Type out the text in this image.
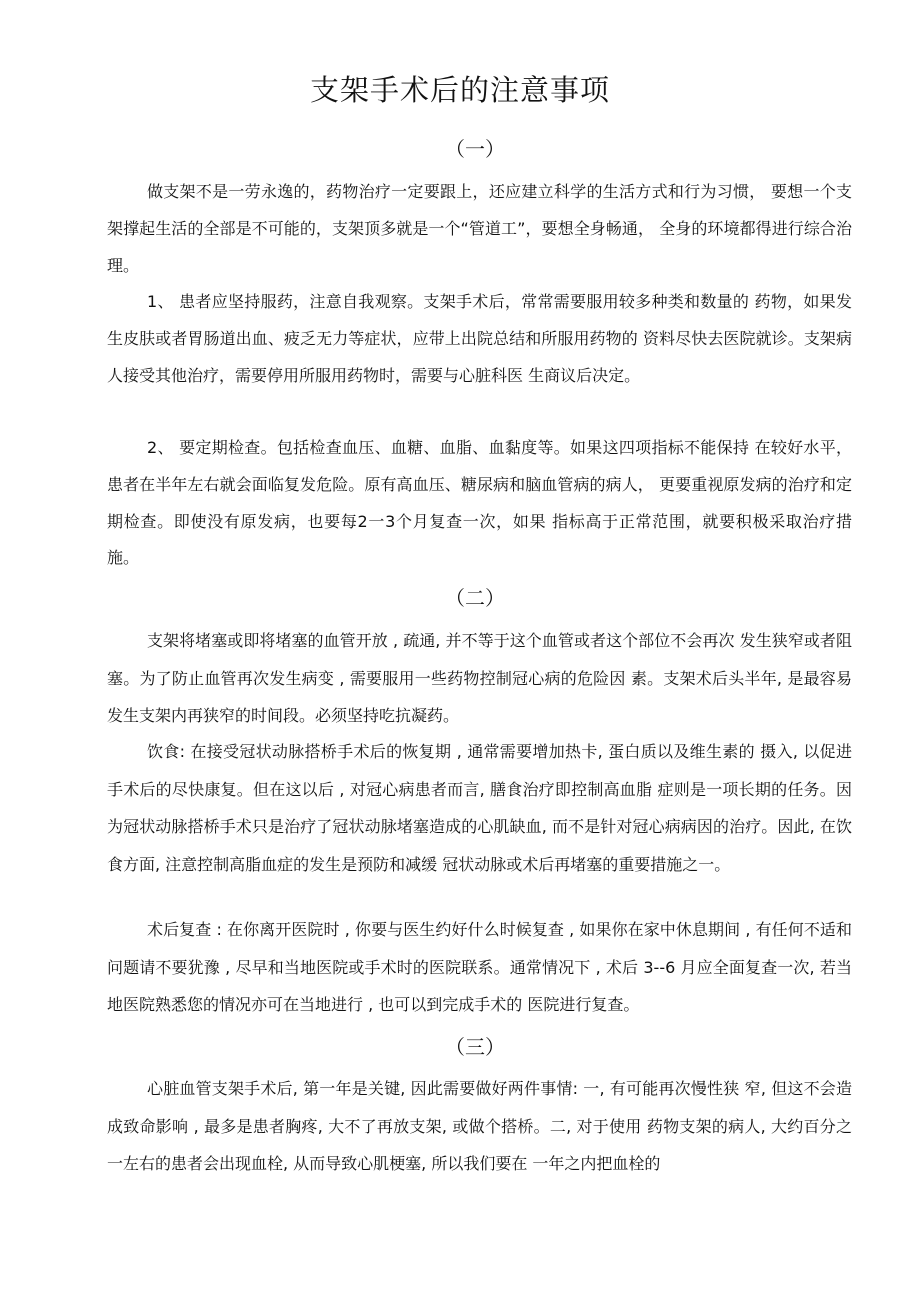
支架手术后的注意事项
（一）

做支架不是一劳永逸的，药物治疗一定要跟上，还应建立科学的生活方式和行为习惯， 要想一个支架撑起生活的全部是不可能的，支架顶多就是一个“管道工”，要想全身畅通， 全身的环境都得进行综合治理。

1、 患者应坚持服药，注意自我观察。支架手术后，常常需要服用较多种类和数量的 药物，如果发生皮肤或者胃肠道出血、疲乏无力等症状，应带上出院总结和所服用药物的 资料尽快去医院就诊。支架病人接受其他治疗，需要停用所服用药物时，需要与心脏科医 生商议后决定。

2、 要定期检查。包括检查血压、血糖、血脂、血黏度等。如果这四项指标不能保持 在较好水平，患者在半年左右就会面临复发危险。原有高血压、糖尿病和脑血管病的病人， 更要重视原发病的治疗和定期检查。即使没有原发病，也要每2一3个月复查一次，如果 指标高于正常范围，就要积极采取治疗措施。

（二）

支架将堵塞或即将堵塞的血管开放 , 疏通, 并不等于这个血管或者这个部位不会再次 发生狭窄或者阻塞。为了防止血管再次发生病变 , 需要服用一些药物控制冠心病的危险因 素。支架术后头半年, 是最容易发生支架内再狭窄的时间段。必须坚持吃抗凝药。

饮食: 在接受冠状动脉搭桥手术后的恢复期 , 通常需要增加热卡, 蛋白质以及维生素的 摄入, 以促进手术后的尽快康复。但在这以后 , 对冠心病患者而言, 膳食治疗即控制高血脂 症则是一项长期的任务。因为冠状动脉搭桥手术只是治疗了冠状动脉堵塞造成的心肌缺血, 而不是针对冠心病病因的治疗。因此, 在饮食方面, 注意控制高脂血症的发生是预防和减缓 冠状动脉或术后再堵塞的重要措施之一。

术后复查 : 在你离开医院时 , 你要与医生约好什么时候复查 , 如果你在家中休息期间 , 有任何不适和问题请不要犹豫 , 尽早和当地医院或手术时的医院联系。通常情况下 , 术后 3--6 月应全面复查一次, 若当地医院熟悉您的情况亦可在当地进行 , 也可以到完成手术的 医院进行复查。

（三）

心脏血管支架手术后, 第一年是关键, 因此需要做好两件事情: 一, 有可能再次慢性狭 窄, 但这不会造成致命影响 , 最多是患者胸疼, 大不了再放支架, 或做个搭桥。二, 对于使用 药物支架的病人, 大约百分之一左右的患者会出现血栓, 从而导致心肌梗塞, 所以我们要在 一年之内把血栓的
